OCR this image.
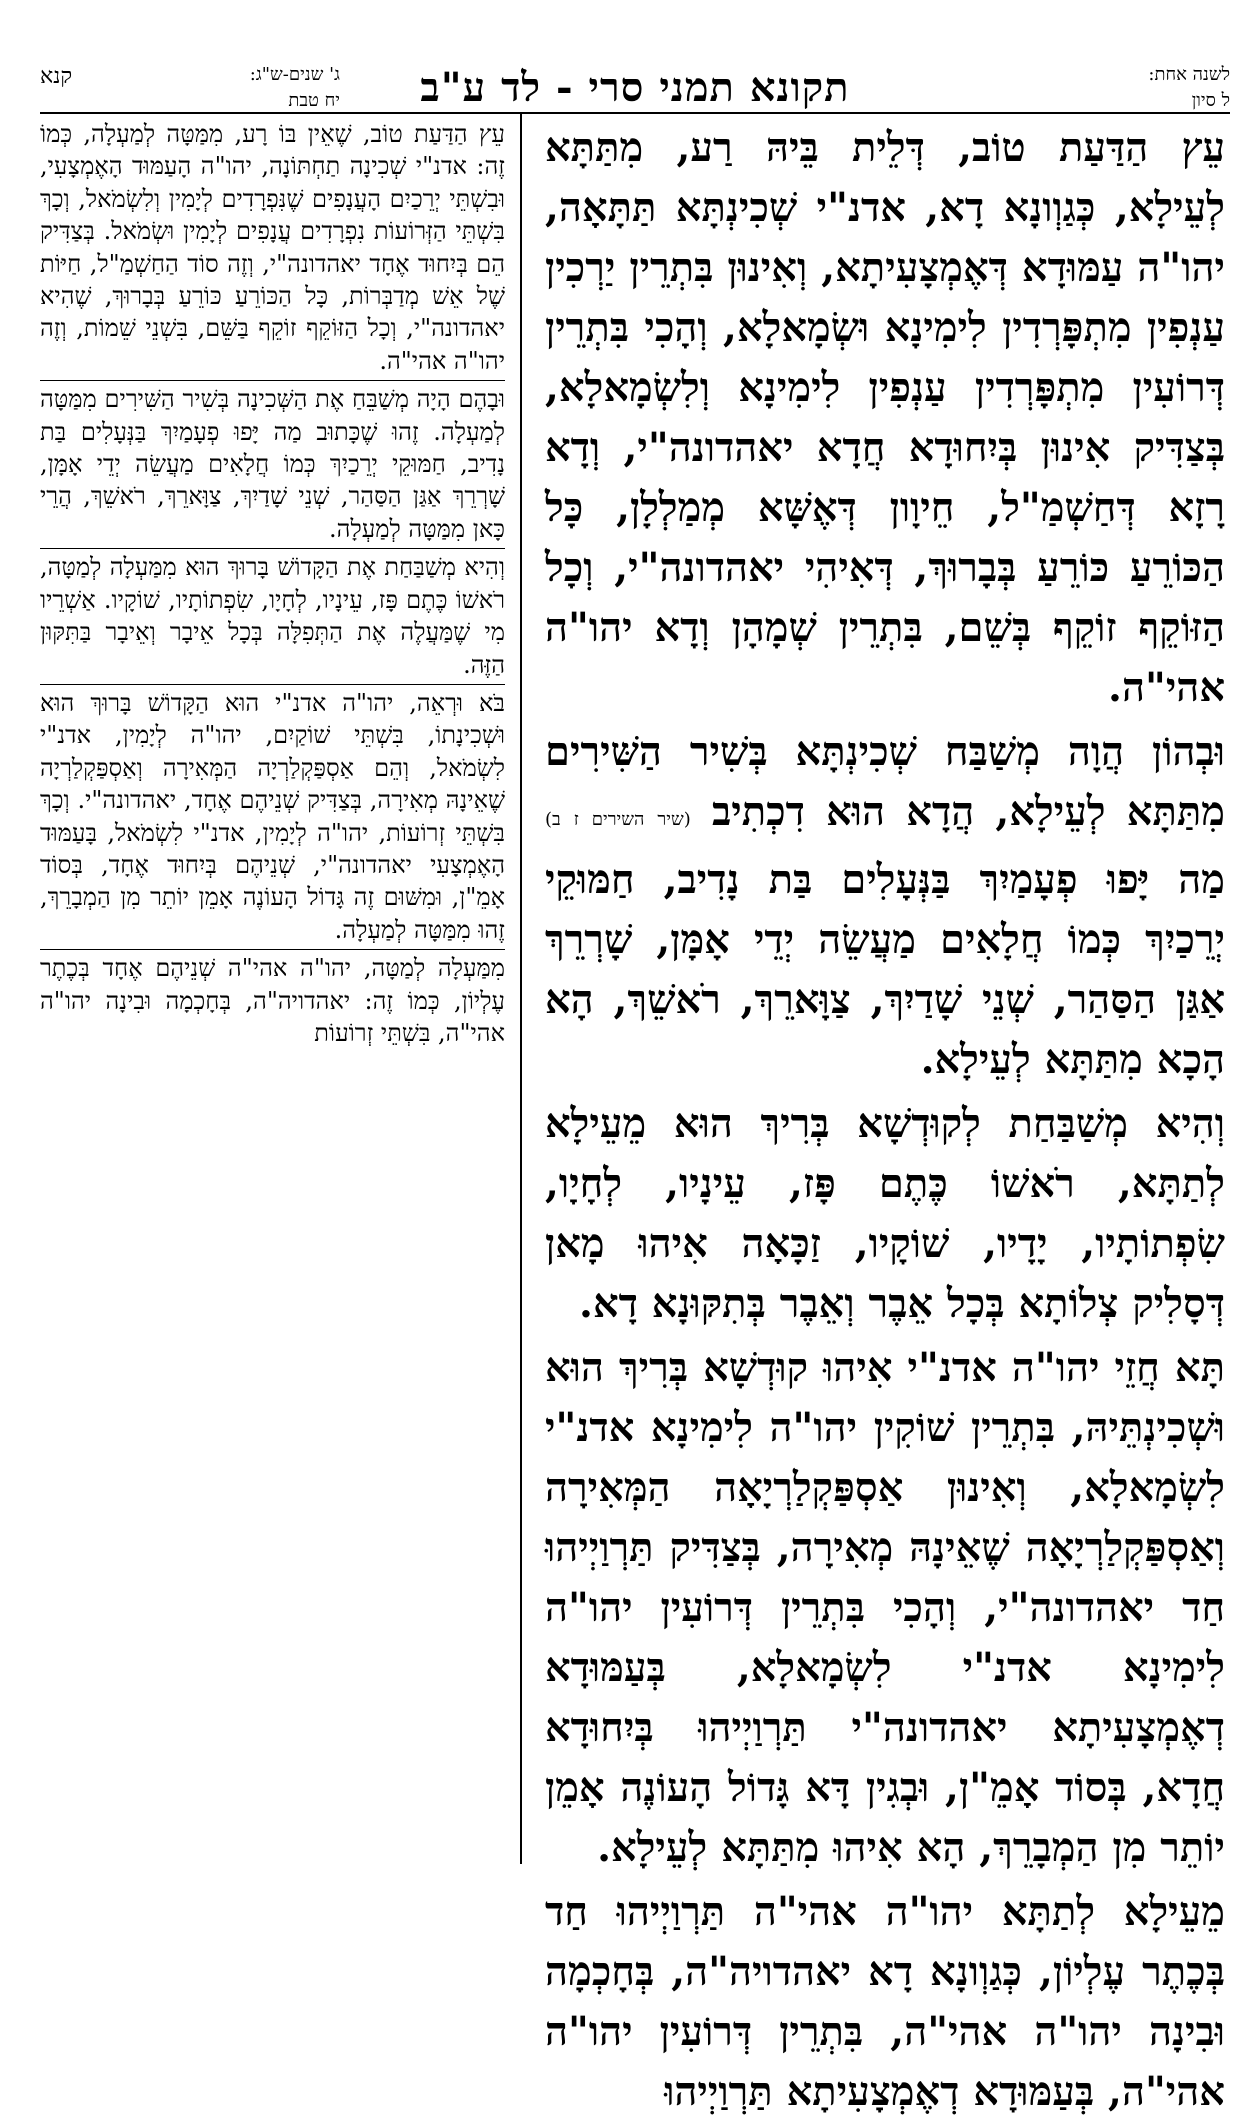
לשנה אחת:
ל סיון
תקונא תמני סרי - לד ע"ב
ג' שנים-ש"ג:
יח טבת
קנא

עֵץ הַדַּעַת טוֹב, דְּלֵית בֵּיהּ רַע, מִתַּתָּא לְעֵילָא, כְּגַוְונָא דָא, אדנ"י שְׁכִינְתָּא תַּתָּאָה, יהו"ה עַמּוּדָא דְּאֶמְצָעִיתָא, וְאִינוּן בִּתְרֵין יַרְכִין עַנְפִין מִתְפָּרְדִין לִימִינָא וּשְׂמָאלָא, וְהָכִי בִּתְרֵין דְּרוֹעִין מִתְפָּרְדִין עַנְפִין לִימִינָא וְלִשְׂמָאלָא, בְּצַדִּיק אִינוּן בְּיִחוּדָא חֲדָא יאהדונה"י, וְדָא רָזָא דְּחַשְׁמַ"ל, חֵיוָון דְּאֶשָּׁא מְמַלְלָן, כָּל הַכּוֹרֵעַ כּוֹרֵעַ בְּבָרוּךְ, דְּאִיהִי יאהדונה"י, וְכָל הַזּוֹקֵף זוֹקֵף בְּשֵׁם, בִּתְרֵין שְׁמָהָן וְדָא יהו"ה אהי"ה.

וּבְהוֹן הֲוָה מְשַׁבַּח שְׁכִינְתָּא בְּשִׁיר הַשִּׁירִים מִתַּתָּא לְעֵילָא, הֲדָא הוּא דִכְתִיב (שיר השירים ז ב) מַה יָּפוּ פְעָמַיִךְ בַּנְּעָלִים בַּת נָדִיב, חַמּוּקֵי יְרֵכַיִךְ כְּמוֹ חֲלָאִים מַעֲשֵׂה יְדֵי אָמָּן, שָׁרְרֵךְ אַגַּן הַסַּהַר, שְׁנֵי שָׁדַיִךְ, צַוָּארֵךְ, רֹאשֵׁךְ, הָא הָכָא מִתַּתָּא לְעֵילָא.

וְהִיא מְשַׁבַּחַת לְקוּדְשָׁא בְּרִיךְ הוּא מֵעֵילָא לְתַתָּא, רֹאשׁוֹ כֶּתֶם פָּז, עֵינָיו, לְחָיָו, שִׂפְתוֹתָיו, יָדָיו, שׁוֹקָיו, זַכָּאָה אִיהוּ מָאן דְּסָלִיק צְלוֹתָא בְּכָל אֵבֶר וְאֵבֶר בְּתִקּוּנָא דָא.

תָּא חֲזֵי יהו"ה אדנ"י אִיהוּ קוּדְשָׁא בְּרִיךְ הוּא וּשְׁכִינְתֵּיהּ, בִּתְרֵין שׁוֹקִין יהו"ה לִימִינָא אדנ"י לִשְׂמָאלָא, וְאִינוּן אַסְפַּקְלַרְיָאָה הַמְּאִירָה וְאַסְפַּקְלַרְיָאָה שֶׁאֵינָהּ מְאִירָה, בְּצַדִּיק תַּרְוַיְיהוּ חַד יאהדונה"י, וְהָכִי בִּתְרֵין דְּרוֹעִין יהו"ה לִימִינָא אדנ"י לִשְׂמָאלָא, בְּעַמּוּדָא דְאֶמְצָעִיתָא יאהדונה"י תַּרְוַיְיהוּ בְּיִחוּדָא חֲדָא, בְּסוֹד אָמֵ"ן, וּבְגִין דָּא גָּדוֹל הָעוֹנֶה אָמֵן יוֹתֵר מִן הַמְבָרֵךְ, הָא אִיהוּ מִתַּתָּא לְעֵילָא.

מֵעֵילָא לְתַתָּא יהו"ה אהי"ה תַּרְוַיְיהוּ חַד בְּכֶתֶר עֶלְיוֹן, כְּגַוְונָא דָא יאהדויה"ה, בְּחָכְמָה וּבִינָה יהו"ה אהי"ה, בִּתְרֵין דְּרוֹעִין יהו"ה אהי"ה, בְּעַמּוּדָא דְאֶמְצָעִיתָא תַּרְוַיְיהוּ

עֵץ הַדַּעַת טוֹב, שֶׁאֵין בּוֹ רָע, מִמַּטָּה לְמַעְלָה, כְּמוֹ זֶה: אדנ"י שְׁכִינָה תַחְתּוֹנָה, יהו"ה הָעַמּוּד הָאֶמְצָעִי, וּבִשְׁתֵּי יְרֵכַיִם הָעֲנָפִים שֶׁנִּפְרָדִים לְיָמִין וְלִשְׂמֹאל, וְכָךְ בִּשְׁתֵּי הַזְּרוֹעוֹת נִפְרָדִים עֲנָפִים לְיָמִין וּשְׂמֹאל. בְּצַדִּיק הֵם בְּיִחוּד אֶחָד יאהדונה"י, וְזֶה סוֹד הַחַשְׁמַ"ל, חַיּוֹת שֶׁל אֵשׁ מְדַבְּרוֹת, כָּל הַכּוֹרֵעַ כּוֹרֵעַ בְּבָרוּךְ, שֶׁהִיא יאהדונה"י, וְכָל הַזּוֹקֵף זוֹקֵף בַּשֵּׁם, בִּשְׁנֵי שֵׁמוֹת, וְזֶה יהו"ה אהי"ה.

וּבָהֶם הָיָה מְשַׁבֵּחַ אֶת הַשְּׁכִינָה בְּשִׁיר הַשִּׁירִים מִמַּטָּה לְמַעְלָה. זֶהוּ שֶׁכָּתוּב מַה יָּפוּ פְעָמַיִךְ בַּנְּעָלִים בַּת נָדִיב, חַמּוּקֵי יְרֵכַיִךְ כְּמוֹ חֲלָאִים מַעֲשֵׂה יְדֵי אָמָּן, שָׁרְרֵךְ אַגַּן הַסַּהַר, שְׁנֵי שָׁדַיִךְ, צַוָּארֵךְ, רֹאשֵׁךְ, הֲרֵי כָּאן מִמַּטָּה לְמַעְלָה.

וְהִיא מְשַׁבַּחַת אֶת הַקָּדוֹשׁ בָּרוּךְ הוּא מִמַּעְלָה לְמַטָּה, רֹאשׁוֹ כֶּתֶם פָּז, עֵינָיו, לְחָיָו, שִׂפְתוֹתָיו, שׁוֹקָיו. אַשְׁרֵיו מִי שֶׁמַּעֲלֶה אֶת הַתְּפִלָּה בְּכָל אֵיבָר וְאֵיבָר בַּתִּקּוּן הַזֶּה.

בֹּא וּרְאֵה, יהו"ה אדנ"י הוּא הַקָּדוֹשׁ בָּרוּךְ הוּא וּשְׁכִינָתוֹ, בִּשְׁתֵּי שׁוֹקַיִם, יהו"ה לְיָמִין, אדנ"י לִשְׂמֹאל, וְהֵם אַסְפַּקְלַרְיָה הַמְּאִירָה וְאַסְפַּקְלַרְיָה שֶׁאֵינָהּ מְאִירָה, בְּצַדִּיק שְׁנֵיהֶם אֶחָד, יאהדונה"י. וְכָךְ בִּשְׁתֵּי זְרוֹעוֹת, יהו"ה לְיָמִין, אדנ"י לִשְׂמֹאל, בָּעַמּוּד הָאֶמְצָעִי יאהדונה"י, שְׁנֵיהֶם בְּיִחוּד אֶחָד, בְּסוֹד אָמֵ"ן, וּמִשּׁוּם זֶה גָּדוֹל הָעוֹנֶה אָמֵן יוֹתֵר מִן הַמְבָרֵךְ, זֶהוּ מִמַּטָּה לְמַעְלָה.

מִמַּעְלָה לְמַטָּה, יהו"ה אהי"ה שְׁנֵיהֶם אֶחָד בְּכֶתֶר עֶלְיוֹן, כְּמוֹ זֶה: יאהדויה"ה, בְּחָכְמָה וּבִינָה יהו"ה אהי"ה, בִּשְׁתֵּי זְרוֹעוֹת
